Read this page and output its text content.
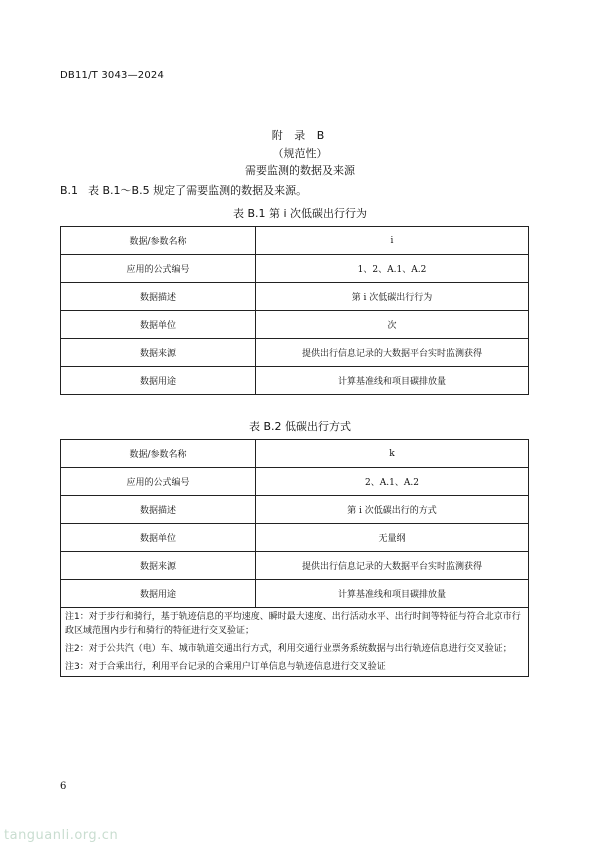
DB11/T 3043—2024
附 录 B
（规范性）
需要监测的数据及来源
B.1 表 B.1～B.5 规定了需要监测的数据及来源。
表 B.1 第 i 次低碳出行行为
数据/参数名称	i
应用的公式编号	1、2、A.1、A.2
数据描述	第 i 次低碳出行行为
数据单位	次
数据来源	提供出行信息记录的大数据平台实时监测获得
数据用途	计算基准线和项目碳排放量
表 B.2 低碳出行方式
数据/参数名称	k
应用的公式编号	2、A.1、A.2
数据描述	第 i 次低碳出行的方式
数据单位	无量纲
数据来源	提供出行信息记录的大数据平台实时监测获得
数据用途	计算基准线和项目碳排放量
注1：对于步行和骑行，基于轨迹信息的平均速度、瞬时最大速度、出行活动水平、出行时间等特征与符合北京市行政区域范围内步行和骑行的特征进行交叉验证；	
注2：对于公共汽（电）车、城市轨道交通出行方式，利用交通行业票务系统数据与出行轨迹信息进行交叉验证；	
注3：对于合乘出行，利用平台记录的合乘用户订单信息与轨迹信息进行交叉验证	
6
tanguanli.org.cn
